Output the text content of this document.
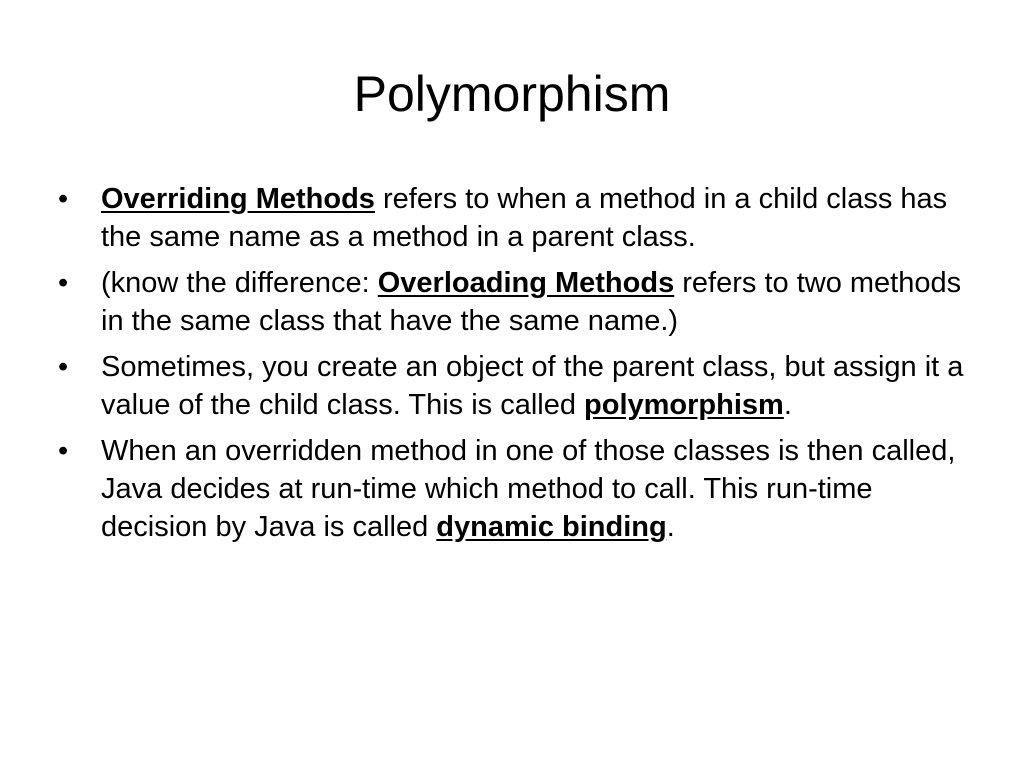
Polymorphism
•	Overriding Methods refers to when a method in a child class has the same name as a method in a parent class.
•	(know the difference: Overloading Methods refers to two methods in the same class that have the same name.)
•	Sometimes, you create an object of the parent class, but assign it a value of the child class. This is called polymorphism.
•	When an overridden method in one of those classes is then called, Java decides at run-time which method to call. This run-time decision by Java is called dynamic binding.
